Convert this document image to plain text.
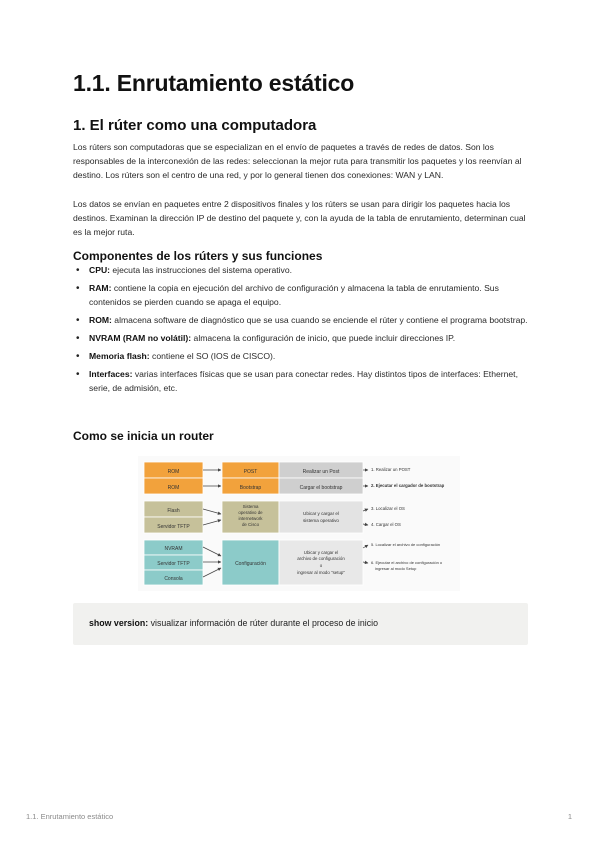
1.1. Enrutamiento estático
1. El rúter como una computadora
Los rúters son computadoras que se especializan en el envío de paquetes a través de redes de datos. Son los responsables de la interconexión de las redes: seleccionan la mejor ruta para transmitir los paquetes y los reenvían al destino. Los rúters son el centro de una red, y por lo general tienen dos conexiones: WAN y LAN.
Los datos se envían en paquetes entre 2 dispositivos finales y los rúters se usan para dirigir los paquetes hacia los destinos. Examinan la dirección IP de destino del paquete y, con la ayuda de la tabla de enrutamiento, determinan cual es la mejor ruta.
Componentes de los rúters y sus funciones
• CPU: ejecuta las instrucciones del sistema operativo.
• RAM: contiene la copia en ejecución del archivo de configuración y almacena la tabla de enrutamiento. Sus contenidos se pierden cuando se apaga el equipo.
• ROM: almacena software de diagnóstico que se usa cuando se enciende el rúter y contiene el programa bootstrap.
• NVRAM (RAM no volátil): almacena la configuración de inicio, que puede incluir direcciones IP.
• Memoria flash: contiene el SO (IOS de CISCO).
• Interfaces: varias interfaces físicas que se usan para conectar redes. Hay distintos tipos de interfaces: Ethernet, serie, de admisión, etc.
Como se inicia un router
ROM
ROM
POST
Bootstrap
Realizar un Post
Cargar el bootstrap
Flash
Servidor TFTP
Sistema
operativo de
internetwork
de Cisco
Ubicar y cargar el
sistema operativo
NVRAM
Servidor TFTP
Consola
Configuración
Ubicar y cargar el
archivo de configuración
o
ingresar al modo "setup"
1. Realizar un POST
2. Ejecutar el cargador de bootstrap
3. Localizar el OS
4. Cargar el OS
5. Localizar el archivo de configuración
6. Ejecutar el archivo de configuración o
ingresar al modo Setup

show version: visualizar información de rúter durante el proceso de inicio

1.1. Enrutamiento estático	1
